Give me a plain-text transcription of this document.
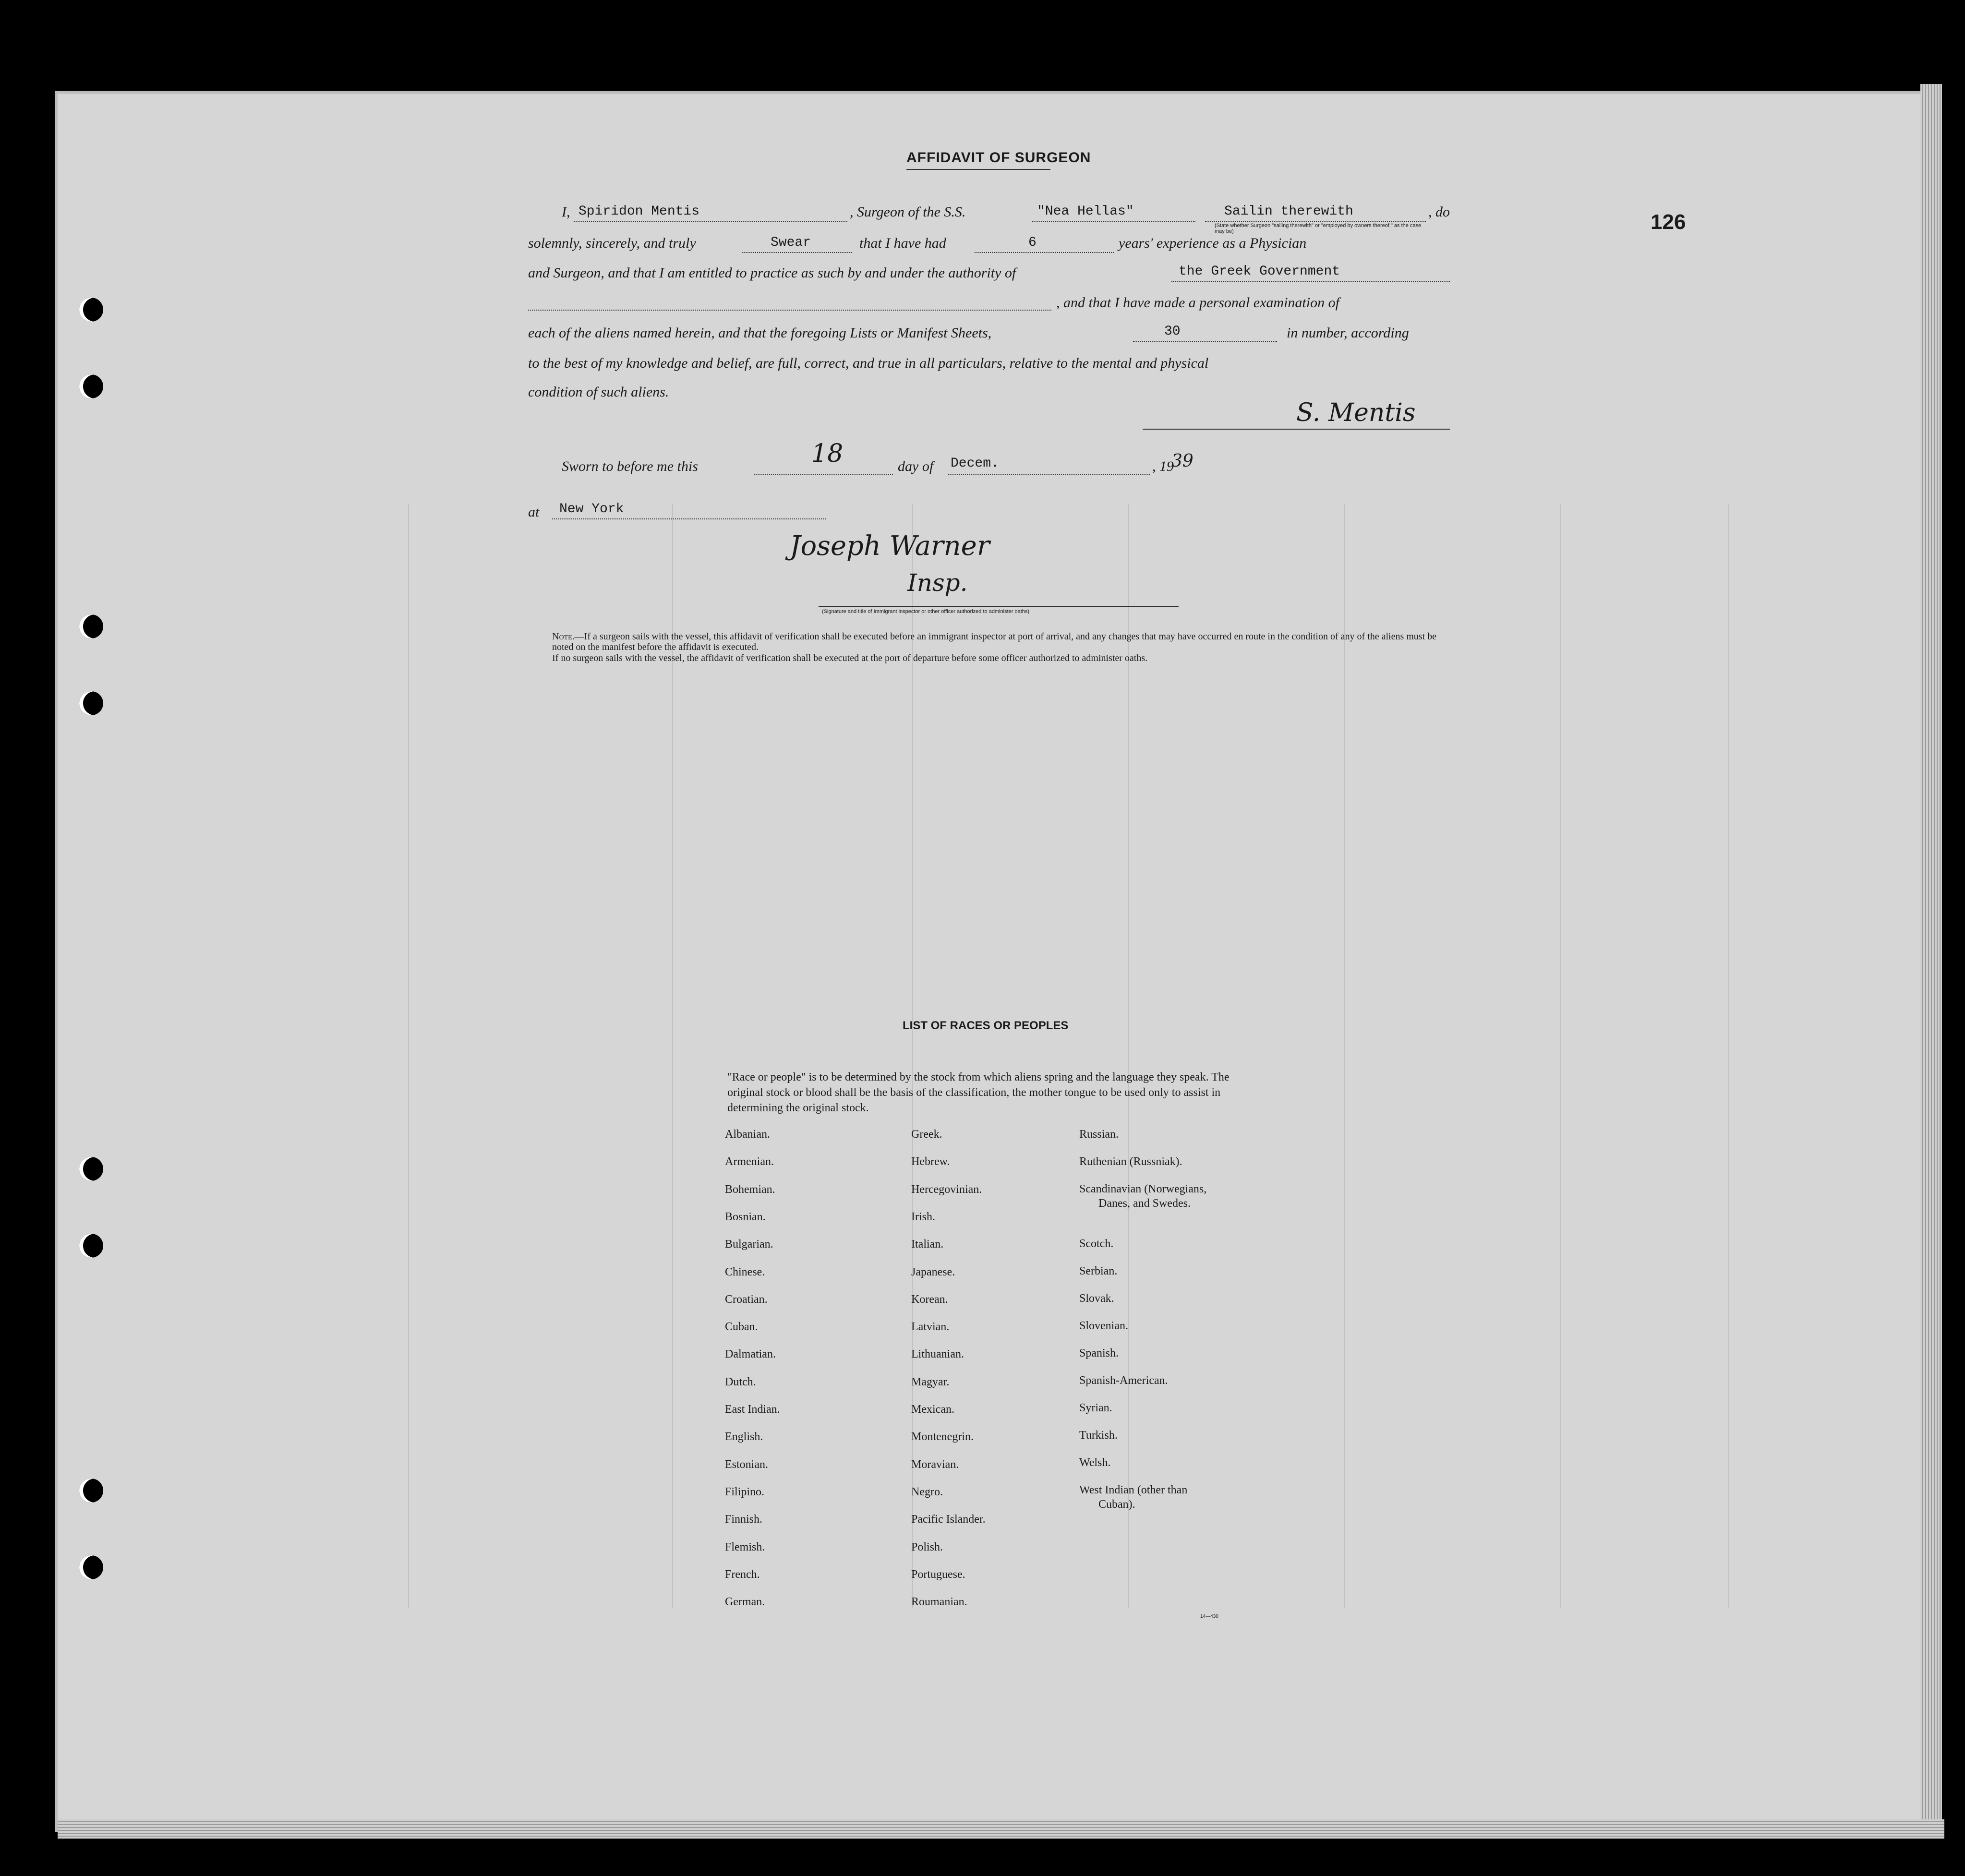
126
AFFIDAVIT OF SURGEON
I, Spiridon Mentis	, Surgeon of the S.S.	"Nea Hellas"	Sailin therewith	, do
(State whether Surgeon "sailing therewith" or "employed by owners thereof," as the case may be)
solemnly, sincerely, and truly	Swear	that I have had	6	years' experience as a Physician
and Surgeon, and that I am entitled to practice as such by and under the authority of	the Greek Government
, and that I have made a personal examination of
each of the aliens named herein, and that the foregoing Lists or Manifest Sheets,	30	in number, according
to the best of my knowledge and belief, are full, correct, and true in all particulars, relative to the mental and physical
condition of such aliens.
S. Mentis
Sworn to before me this	18	day of Decem.	, 19
39
at New York
Joseph Warner
Insp.
(Signature and title of Immigrant inspector or other officer authorized to administer oaths)
Note.—If a surgeon sails with the vessel, this affidavit of verification shall be executed before an immigrant inspector at port of arrival, and any changes that may have occurred en route in the condition of any of the aliens must be noted on the manifest before the affidavit is executed.
If no surgeon sails with the vessel, the affidavit of verification shall be executed at the port of departure before some officer authorized to administer oaths.
LIST OF RACES OR PEOPLES
"Race or people" is to be determined by the stock from which aliens spring and the language they speak. The original stock or blood shall be the basis of the classification, the mother tongue to be used only to assist in determining the original stock.
Albanian.
Armenian.
Bohemian.
Bosnian.
Bulgarian.
Chinese.
Croatian.
Cuban.
Dalmatian.
Dutch.
East Indian.
English.
Estonian.
Filipino.
Finnish.
Flemish.
French.
German.
Greek.
Hebrew.
Hercegovinian.
Irish.
Italian.
Japanese.
Korean.
Latvian.
Lithuanian.
Magyar.
Mexican.
Montenegrin.
Moravian.
Negro.
Pacific Islander.
Polish.
Portuguese.
Roumanian.
Russian.
Ruthenian (Russniak).
Scandinavian (Norwegians,
Danes, and Swedes.
Scotch.
Serbian.
Slovak.
Slovenian.
Spanish.
Spanish-American.
Syrian.
Turkish.
Welsh.
West Indian (other than
Cuban).
14—430
